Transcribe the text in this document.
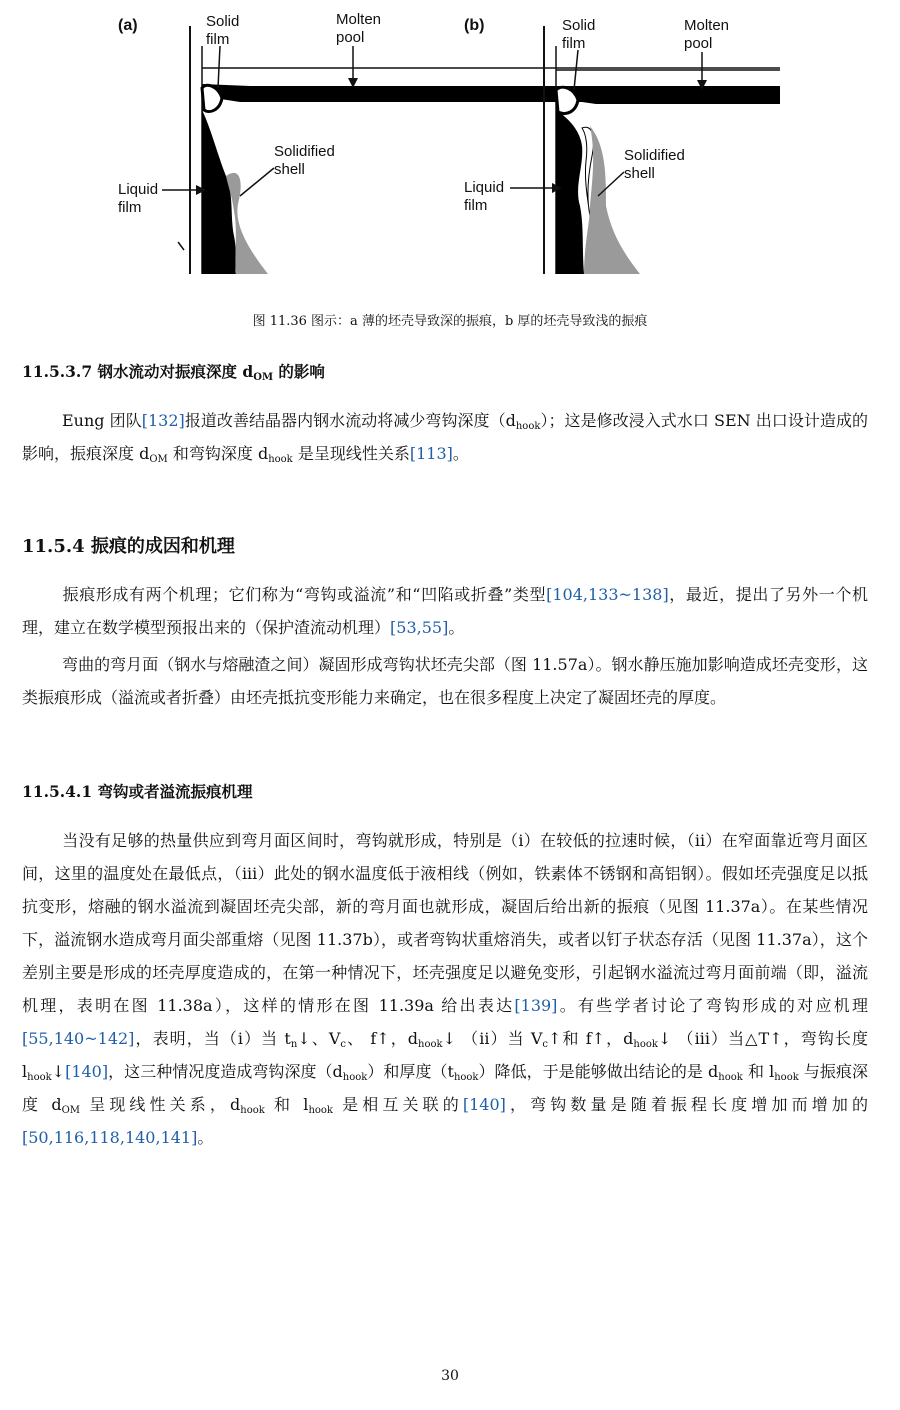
(a)	Solid
film
Molten
pool
Solidified
shell
Liquid
film
(b)	Solid
film
Molten
pool
Solidified
shell
Liquid
film
图 11.36 图示：a 薄的坯壳导致深的振痕，b 厚的坯壳导致浅的振痕
11.5.3.7 钢水流动对振痕深度 $d_{OM}$ 的影响
Eung 团队[132]报道改善结晶器内钢水流动将减少弯钩深度$(d_{hook})$；这是修改浸入式水口 SEN 出口设计造成的影响，振痕深度 $d_{OM}$ 和弯钩深度 $d_{hook}$ 是呈现线性关系[113]。
11.5.4 振痕的成因和机理
振痕形成有两个机理；它们称为“弯钩或溢流”和“凹陷或折叠”类型[104,133~138]，最近，提出了另外一个机理，建立在数学模型预报出来的（保护渣流动机理）[53,55]。
弯曲的弯月面（钢水与熔融渣之间）凝固形成弯钩状坯壳尖部（图 11.57a）。钢水静压施加影响造成坯壳变形，这类振痕形成（溢流或者折叠）由坯壳抵抗变形能力来确定，也在很多程度上决定了凝固坯壳的厚度。
11.5.4.1 弯钩或者溢流振痕机理
当没有足够的热量供应到弯月面区间时，弯钩就形成，特别是（i）在较低的拉速时候，（ii）在窄面靠近弯月面区间，这里的温度处在最低点，（iii）此处的钢水温度低于液相线（例如，铁素体不锈钢和高铝钢）。假如坯壳强度足以抵抗变形，熔融的钢水溢流到凝固坯壳尖部，新的弯月面也就形成，凝固后给出新的振痕（见图 11.37a）。在某些情况下，溢流钢水造成弯月面尖部重熔（见图 11.37b），或者弯钩状重熔消失，或者以钉子状态存活（见图 11.37a），这个差别主要是形成的坯壳厚度造成的，在第一种情况下，坯壳强度足以避免变形，引起钢水溢流过弯月面前端（即，溢流机理，表明在图 11.38a），这样的情形在图 11.39a 给出表达[139]。有些学者讨论了弯钩形成的对应机理[55,140~142]，表明，当（i）当 $t_n↓$、$V_c$、 f↑，$d_{hook}↓$ （ii）当 $V_c↑$和 f↑，$d_{hook}↓$ （iii）当△T↑，弯钩长度 $l_{hook}↓[140]$，这三种情况度造成弯钩深度$(d_{hook})$和厚度$(t_{hook})$降低，于是能够做出结论的是 $d_{hook}$ 和 $l_{hook}$ 与振痕深度 $d_{OM}$ 呈现线性关系，$d_{hook}$ 和 $l_{hook}$ 是相互关联的[140]，弯钩数量是随着振程长度增加而增加的[50,116,118,140,141]。
30
